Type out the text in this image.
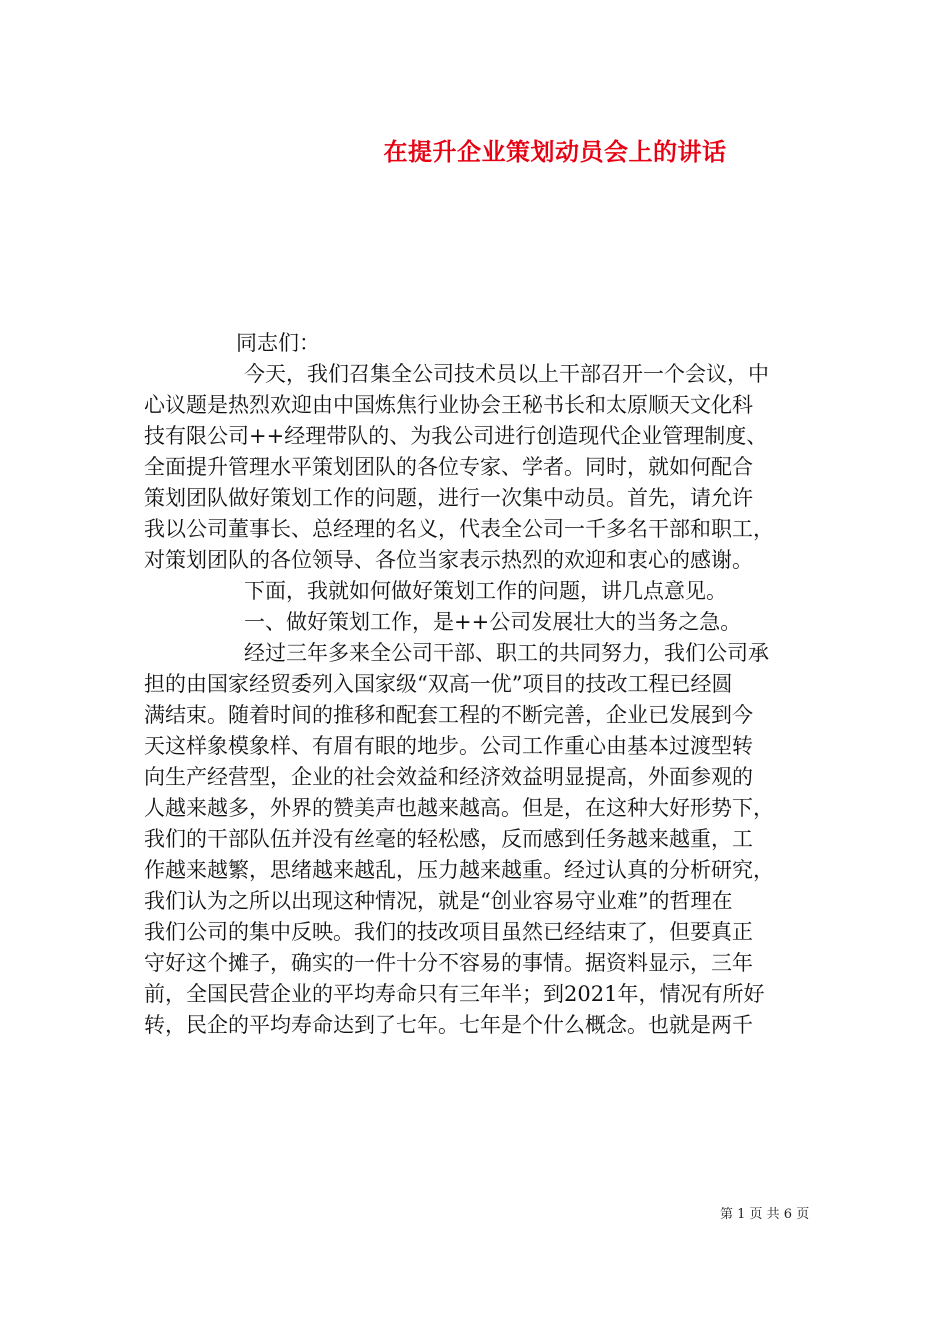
在提升企业策划动员会上的讲话
同志们：
今天，我们召集全公司技术员以上干部召开一个会议，中
心议题是热烈欢迎由中国炼焦行业协会王秘书长和太原顺天文化科
技有限公司++经理带队的、为我公司进行创造现代企业管理制度、
全面提升管理水平策划团队的各位专家、学者。同时，就如何配合
策划团队做好策划工作的问题，进行一次集中动员。首先，请允许
我以公司董事长、总经理的名义，代表全公司一千多名干部和职工，
对策划团队的各位领导、各位当家表示热烈的欢迎和衷心的感谢。
下面，我就如何做好策划工作的问题，讲几点意见。
一、做好策划工作，是++公司发展壮大的当务之急。
经过三年多来全公司干部、职工的共同努力，我们公司承
担的由国家经贸委列入国家级“双高一优”项目的技改工程已经圆
满结束。随着时间的推移和配套工程的不断完善，企业已发展到今
天这样象模象样、有眉有眼的地步。公司工作重心由基本过渡型转
向生产经营型，企业的社会效益和经济效益明显提高，外面参观的
人越来越多，外界的赞美声也越来越高。但是，在这种大好形势下，
我们的干部队伍并没有丝毫的轻松感，反而感到任务越来越重，工
作越来越繁，思绪越来越乱，压力越来越重。经过认真的分析研究，
我们认为之所以出现这种情况，就是“创业容易守业难”的哲理在
我们公司的集中反映。我们的技改项目虽然已经结束了，但要真正
守好这个摊子，确实的一件十分不容易的事情。据资料显示，三年
前，全国民营企业的平均寿命只有三年半；到2021年，情况有所好
转，民企的平均寿命达到了七年。七年是个什么概念。也就是两千
第 1 页 共 6 页
